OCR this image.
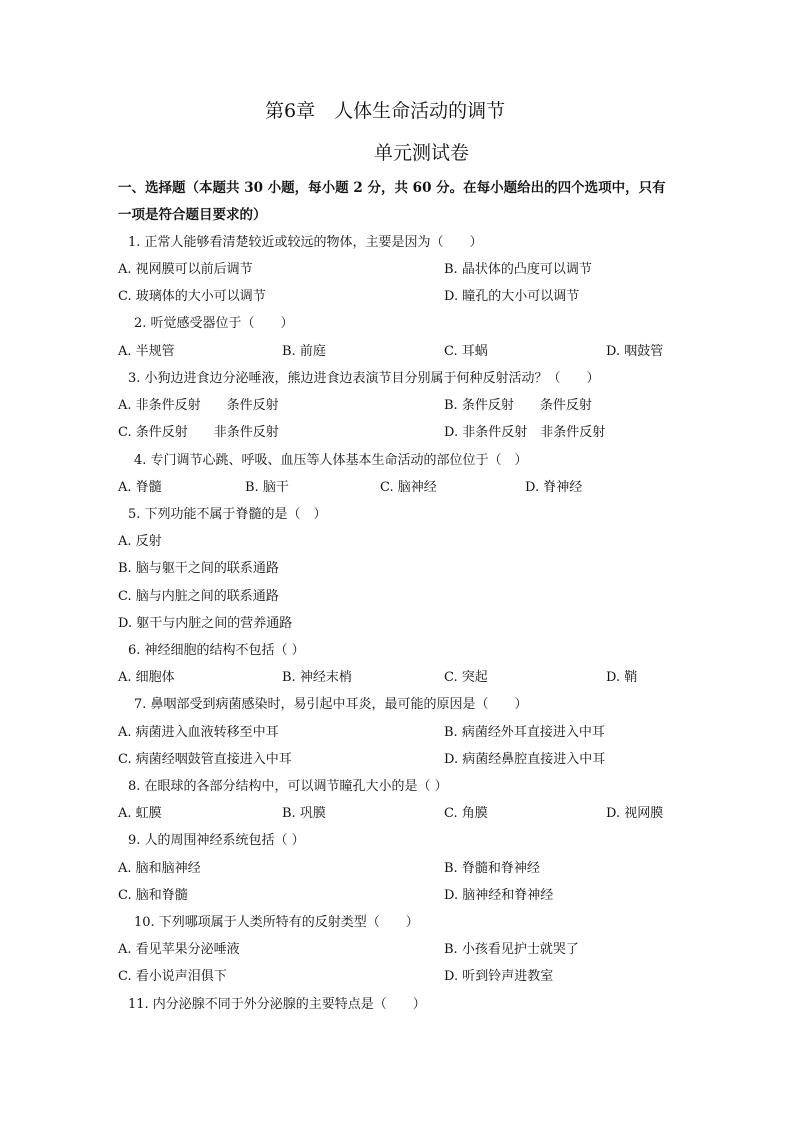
第6章　人体生命活动的调节
单元测试卷
一、选择题（本题共 30 小题，每小题 2 分，共 60 分。在每小题给出的四个选项中，只有
一项是符合题目要求的）
1. 正常人能够看清楚较近或较远的物体，主要是因为（　　）
A. 视网膜可以前后调节	B. 晶状体的凸度可以调节
C. 玻璃体的大小可以调节	D. 瞳孔的大小可以调节
2. 听觉感受器位于（　　）
A. 半规管	B. 前庭	C. 耳蜗	D. 咽鼓管
3. 小狗边进食边分泌唾液，熊边进食边表演节目分别属于何种反射活动？（　　）
A. 非条件反射　　条件反射	B. 条件反射　　条件反射
C. 条件反射　　非条件反射	D. 非条件反射　非条件反射
4. 专门调节心跳、呼吸、血压等人体基本生命活动的部位位于（　）
A. 脊髓	B. 脑干	C. 脑神经	D. 脊神经
5. 下列功能不属于脊髓的是（　）
A. 反射
B. 脑与躯干之间的联系通路
C. 脑与内脏之间的联系通路
D. 躯干与内脏之间的营养通路
6. 神经细胞的结构不包括（ ）
A. 细胞体	B. 神经末梢	C. 突起	D. 鞘
7. 鼻咽部受到病菌感染时，易引起中耳炎，最可能的原因是（　　）
A. 病菌进入血液转移至中耳	B. 病菌经外耳直接进入中耳
C. 病菌经咽鼓管直接进入中耳	D. 病菌经鼻腔直接进入中耳
8. 在眼球的各部分结构中，可以调节瞳孔大小的是（ ）
A. 虹膜	B. 巩膜	C. 角膜	D. 视网膜
9. 人的周围神经系统包括（ ）
A. 脑和脑神经	B. 脊髓和脊神经
C. 脑和脊髓	D. 脑神经和脊神经
10. 下列哪项属于人类所特有的反射类型（　　）
A. 看见苹果分泌唾液	B. 小孩看见护士就哭了
C. 看小说声泪俱下	D. 听到铃声进教室
11. 内分泌腺不同于外分泌腺的主要特点是（　　）
